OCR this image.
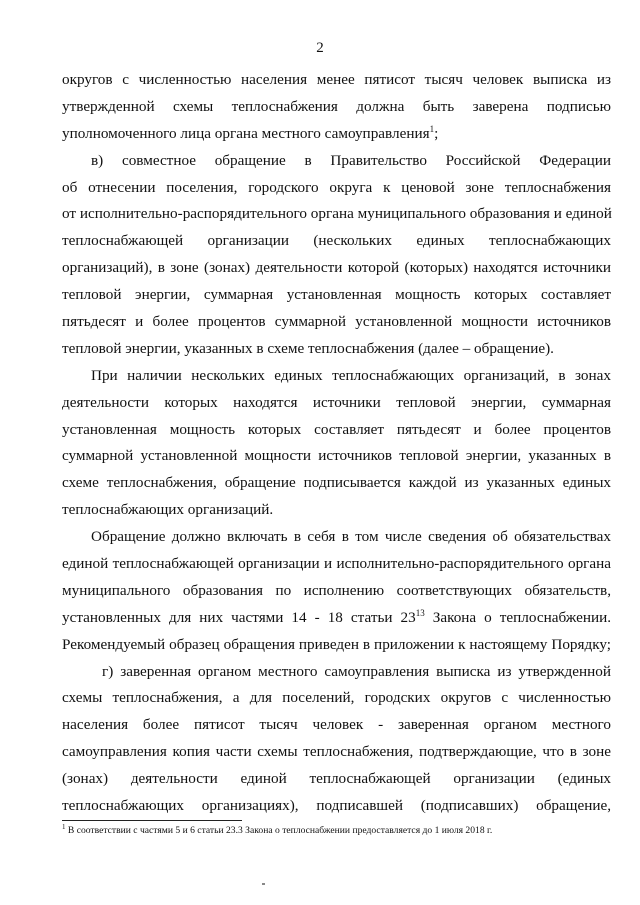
2
округов с численностью населения менее пятисот тысяч человек выписка из
утвержденной схемы теплоснабжения должна быть заверена подписью
уполномоченного лица органа местного самоуправления$^1$;
в) совместное обращение в Правительство Российской Федерации
об отнесении поселения, городского округа к ценовой зоне теплоснабжения
от исполнительно-распорядительного органа муниципального образования и единой
теплоснабжающей организации (нескольких единых теплоснабжающих
организаций), в зоне (зонах) деятельности которой (которых) находятся источники
тепловой энергии, суммарная установленная мощность которых составляет
пятьдесят и более процентов суммарной установленной мощности источников
тепловой энергии, указанных в схеме теплоснабжения (далее – обращение).
При наличии нескольких единых теплоснабжающих организаций, в зонах
деятельности которых находятся источники тепловой энергии, суммарная
установленная мощность которых составляет пятьдесят и более процентов
суммарной установленной мощности источников тепловой энергии, указанных в
схеме теплоснабжения, обращение подписывается каждой из указанных единых
теплоснабжающих организаций.
Обращение должно включать в себя в том числе сведения об обязательствах
единой теплоснабжающей организации и исполнительно-распорядительного органа
муниципального образования по исполнению соответствующих обязательств,
установленных для них частями 14 - 18 статьи $23^{13}$ Закона о теплоснабжении.
Рекомендуемый образец обращения приведен в приложении к настоящему Порядку;
г) заверенная органом местного самоуправления выписка из утвержденной
схемы теплоснабжения, а для поселений, городских округов с численностью
населения более пятисот тысяч человек - заверенная органом местного
самоуправления копия части схемы теплоснабжения, подтверждающие, что в зоне
(зонах) деятельности единой теплоснабжающей организации (единых
теплоснабжающих организациях), подписавшей (подписавших) обращение,
$^1$ В соответствии с частями 5 и 6 статьи 23.3 Закона о теплоснабжении предоставляется до 1 июля 2018 г.
